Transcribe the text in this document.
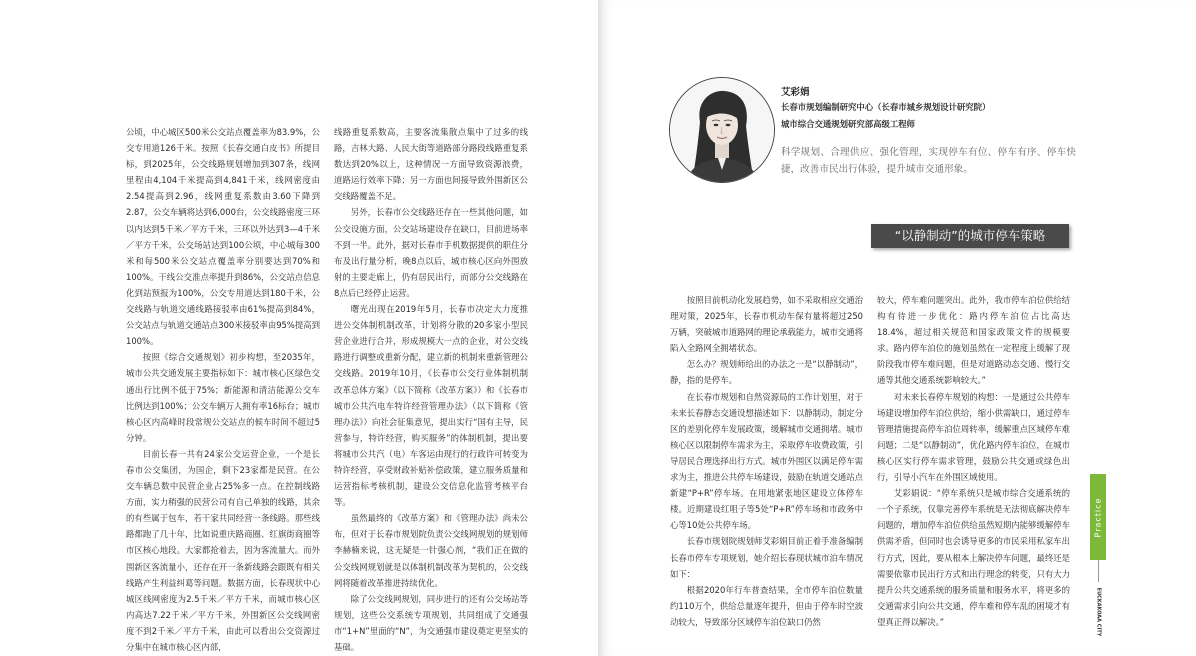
公顷，中心城区500米公交站点覆盖率为83.9%，公交专用道126千米。按照《长春交通白皮书》所提目标，到2025年，公交线路规划增加到307条，线网里程由4,104千米提高到4,841千米，线网密度由2.54提高到2.96，线网重复系数由3.60下降到2.87，公交车辆将达到6,000台，公交线路密度三环以内达到5千米／平方千米，三环以外达到3—4千米／平方千米，公交场站达到100公顷，中心城每300米和每500米公交站点覆盖率分别要达到70%和100%。干线公交准点率提升到86%，公交站点信息化到站预报为100%，公交专用道达到180千米，公交线路与轨道交通线路接驳率由61%提高到84%，公交站点与轨道交通站点300米接驳率由95%提高到100%。

按照《综合交通规划》初步构想，至2035年，城市公共交通发展主要指标如下：城市核心区绿色交通出行比例不低于75%；新能源和清洁能源公交车比例达到100%；公交车辆万人拥有率16标台；城市核心区内高峰时段常规公交站点的候车时间不超过5分钟。

目前长春一共有24家公交运营企业，一个是长春市公交集团，为国企，剩下23家都是民营。在公交车辆总数中民营企业占25%多一点。在控制线路方面，实力稍强的民营公司有自己单独的线路，其余的有些属于包车，若干家共同经营一条线路。那些线路都跑了几十年，比如说重庆路商圈、红旗街商圈等市区核心地段。大家都抢着去，因为客流量大。而外围新区客流量小，还存在开一条新线路会跟既有相关线路产生利益纠葛等问题。数据方面，长春现状中心城区线网密度为2.5千米／平方千米，而城市核心区内高达7.22千米／平方千米，外围新区公交线网密度不到2千米／平方千米，由此可以看出公交资源过分集中在城市核心区内部，

线路重复系数高，主要客流集散点集中了过多的线路，吉林大路、人民大街等道路部分路段线路重复系数达到20%以上，这种情况一方面导致资源浪费，道路运行效率下降；另一方面也间接导致外围新区公交线路覆盖不足。

另外，长春市公交线路还存在一些其他问题，如公交设施方面，公交站场建设存在缺口，目前进场率不到一半。此外，据对长春市手机数据提供的职住分布及出行量分析，晚8点以后，城市核心区向外围放射的主要走廊上，仍有居民出行，而部分公交线路在8点后已经停止运营。

曙光出现在2019年5月，长春市决定大力度推进公交体制机制改革，计划将分散的20多家小型民营企业进行合并，形成规模大一点的企业，对公交线路进行调整或重新分配，建立新的机制来重新管理公交线路。2019年10月，《长春市公交行业体制机制改革总体方案》（以下简称《改革方案》）和《长春市城市公共汽电车特许经营管理办法》（以下简称《管理办法》）向社会征集意见，提出实行“国有主导，民营参与，特许经营，购买服务”的体制机制，提出要将城市公共汽（电）车客运由现行的行政许可转变为特许经营，享受财政补贴补偿政策，建立服务质量和运营指标考核机制，建设公交信息化监管考核平台等。

虽然最终的《改革方案》和《管理办法》尚未公布，但对于长春市规划院负责公交线网规划的规划师李赫楠来说，这无疑是一针强心剂，“我们正在做的公交线网规划就是以体制机制改革为契机的，公交线网将随着改革推进持续优化。

除了公交线网规划，同步进行的还有公交场站等规划，这些公交系统专项规划，共同组成了交通强市“1+N”里面的“N”，为交通强市建设奠定更坚实的基础。

艾彩娟
长春市规划编制研究中心（长春市城乡规划设计研究院）
城市综合交通规划研究部高级工程师
科学规划、合理供应、强化管理，实现停车有位、停车有序、停车快捷，改善市民出行体验，提升城市交通形象。
“以静制动”的城市停车策略

按照目前机动化发展趋势，如不采取相应交通治理对策，2025年，长春市机动车保有量将超过250万辆，突破城市道路网的理论承载能力，城市交通将陷入全路网全拥堵状态。

怎么办？规划师给出的办法之一是“以静制动”，静，指的是停车。

在长春市规划和自然资源局的工作计划里，对于未来长春静态交通设想描述如下：以静制动，制定分区的差别化停车发展政策，缓解城市交通拥堵。城市核心区以限制停车需求为主，采取停车收费政策，引导居民合理选择出行方式。城市外围区以满足停车需求为主，推进公共停车场建设，鼓励在轨道交通站点新建“P+R”停车场。在用地紧张地区建设立体停车楼。近期建设红咀子等5处“P+R”停车场和市政务中心等10处公共停车场。

长春市规划院规划师艾彩娟目前正着手准备编制长春市停车专项规划，她介绍长春现状城市泊车情况如下：

根据2020年行车普查结果，全市停车泊位数量约110万个，供给总量逐年提升，但由于停车时空波动较大，导致部分区域停车泊位缺口仍然

较大，停车难问题突出。此外，我市停车泊位供给结构有待进一步优化：路内停车泊位占比高达18.4%，超过相关规范和国家政策文件的规模要求。路内停车泊位的施划虽然在一定程度上缓解了现阶段我市停车难问题，但是对道路动态交通、慢行交通等其他交通系统影响较大。”

对未来长春停车规划的构想：一是通过公共停车场建设增加停车泊位供给，缩小供需缺口，通过停车管理措施提高停车泊位周转率，缓解重点区域停车难问题；二是“以静制动”，优化路内停车泊位，在城市核心区实行停车需求管理，鼓励公共交通或绿色出行，引导小汽车在外围区域使用。

艾彩娟说：“停车系统只是城市综合交通系统的一个子系统，仅靠完善停车系统是无法彻底解决停车问题的，增加停车泊位供给虽然短期内能够缓解停车供需矛盾，但同时也会诱导更多的市民采用私家车出行方式，因此，要从根本上解决停车问题，最终还是需要依靠市民出行方式和出行理念的转变，只有大力提升公共交通系统的服务质量和服务水平，将更多的交通需求引向公共交通，停车难和停车乱的困境才有望真正得以解决。”

Practice
EUCKAKOAA CITY
